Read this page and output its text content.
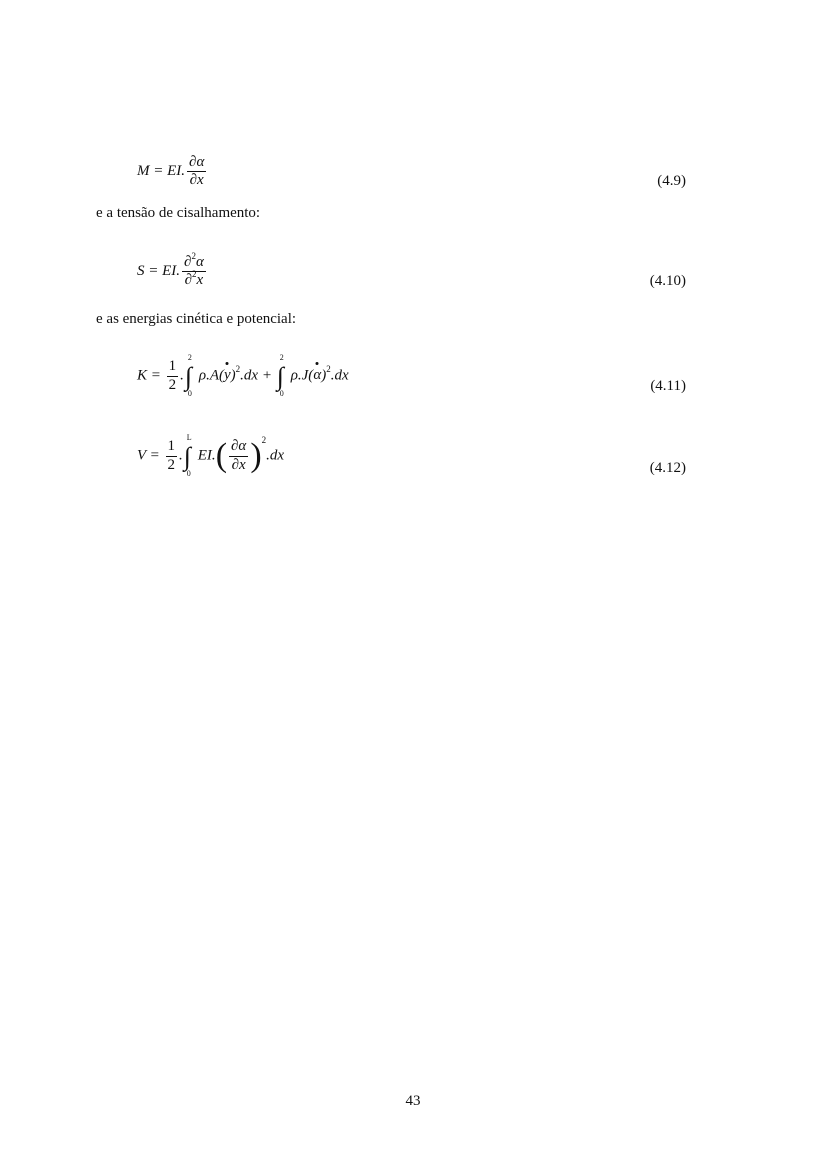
M = EI. $\frac{\partial\alpha}{\partial x}$	(4.9)
e a tensão de cisalhamento:
S = EI. $\frac{\partial^2\alpha}{\partial^2x}$	(4.10)
e as energias cinética e potencial:
$K = \frac{1}{2}$ .
2
∫
0
$\rho.A(y)^2.dx$ +
2
∫
0
$\rho.J(\alpha)^2.dx$
(4.11)
$V = \frac{1}{2}$ .
L
∫
0
$EI.( \frac{\partial\alpha}{\partial x} )^2.dx$
(4.12)
43
